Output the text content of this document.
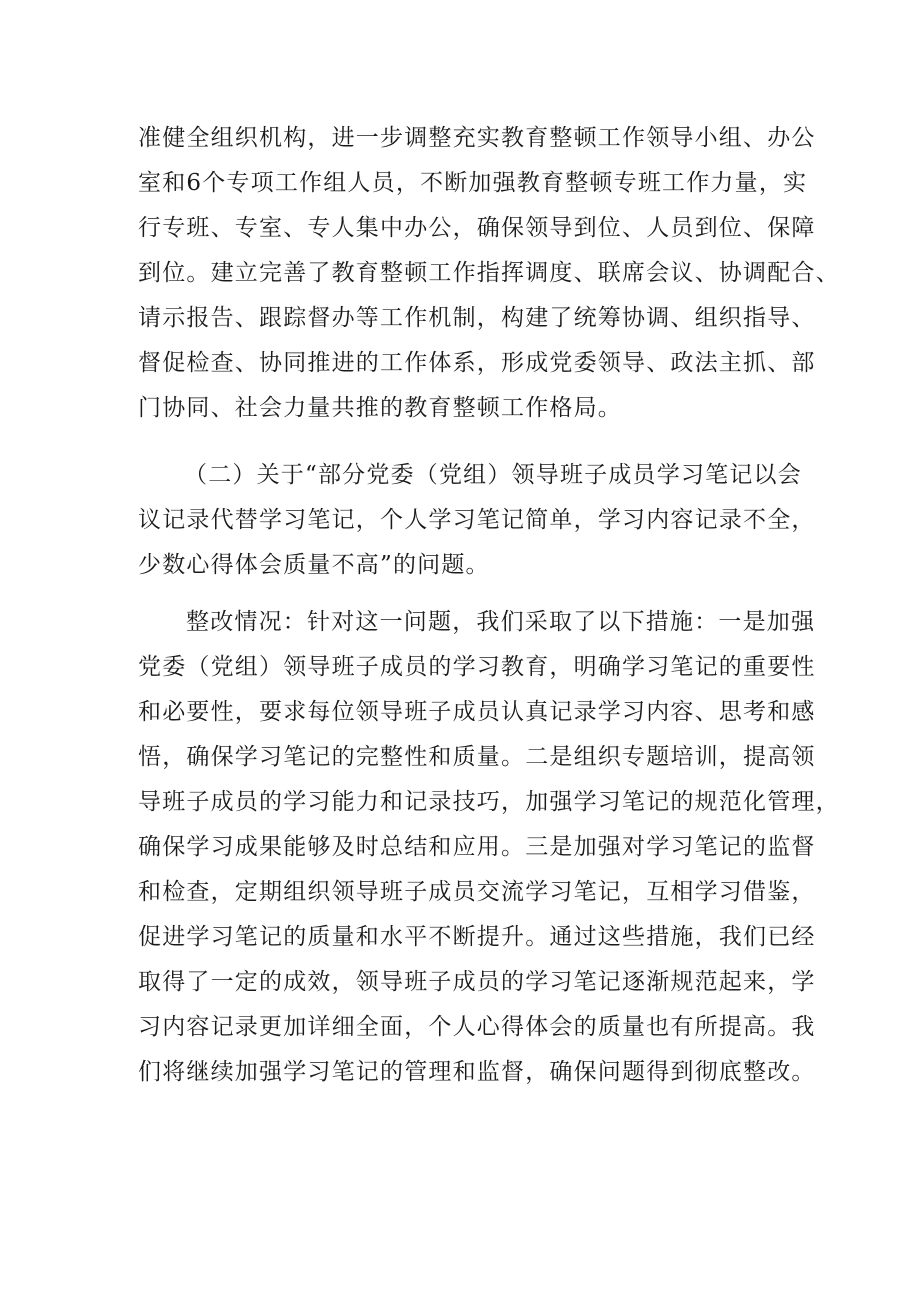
准健全组织机构，进一步调整充实教育整顿工作领导小组、办公
室和6个专项工作组人员，不断加强教育整顿专班工作力量，实
行专班、专室、专人集中办公，确保领导到位、人员到位、保障
到位。建立完善了教育整顿工作指挥调度、联席会议、协调配合、
请示报告、跟踪督办等工作机制，构建了统筹协调、组织指导、
督促检查、协同推进的工作体系，形成党委领导、政法主抓、部
门协同、社会力量共推的教育整顿工作格局。
（二）关于“部分党委（党组）领导班子成员学习笔记以会
议记录代替学习笔记，个人学习笔记简单，学习内容记录不全，
少数心得体会质量不高”的问题。
整改情况：针对这一问题，我们采取了以下措施：一是加强
党委（党组）领导班子成员的学习教育，明确学习笔记的重要性
和必要性，要求每位领导班子成员认真记录学习内容、思考和感
悟，确保学习笔记的完整性和质量。二是组织专题培训，提高领
导班子成员的学习能力和记录技巧，加强学习笔记的规范化管理，
确保学习成果能够及时总结和应用。三是加强对学习笔记的监督
和检查，定期组织领导班子成员交流学习笔记，互相学习借鉴，
促进学习笔记的质量和水平不断提升。通过这些措施，我们已经
取得了一定的成效，领导班子成员的学习笔记逐渐规范起来，学
习内容记录更加详细全面，个人心得体会的质量也有所提高。我
们将继续加强学习笔记的管理和监督，确保问题得到彻底整改。
